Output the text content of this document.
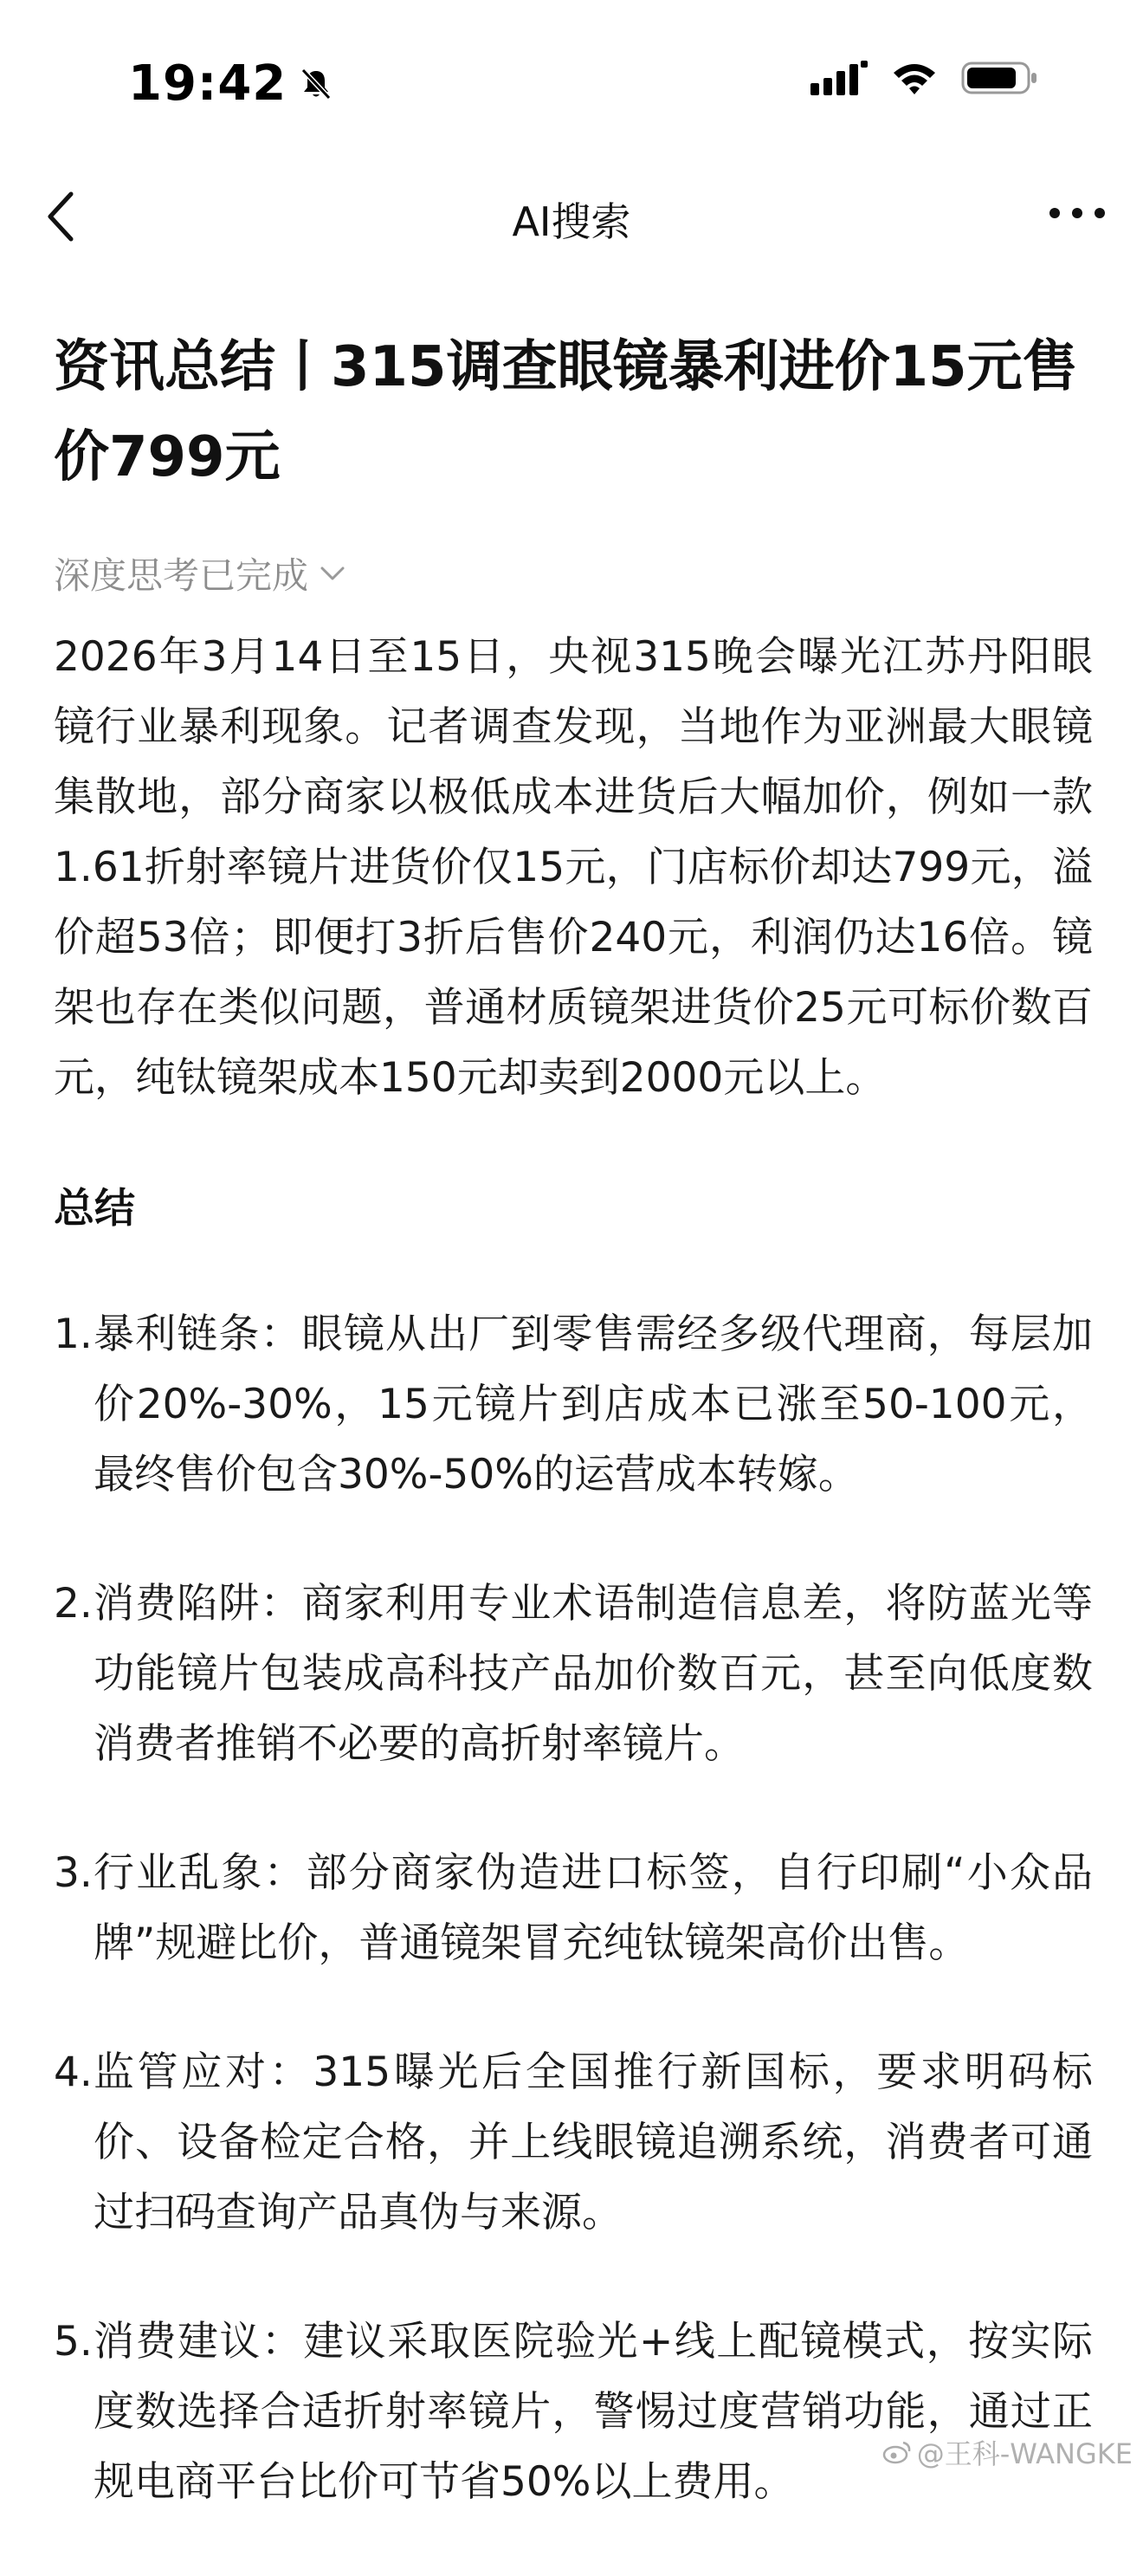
19:42
AI搜索
资讯总结丨315调查眼镜暴利进价15元售价799元
深度思考已完成
2026年3月14日至15日，央视315晚会曝光江苏丹阳眼镜行业暴利现象。记者调查发现，当地作为亚洲最大眼镜集散地，部分商家以极低成本进货后大幅加价，例如一款1.61折射率镜片进货价仅15元，门店标价却达799元，溢价超53倍；即便打3折后售价240元，利润仍达16倍。镜架也存在类似问题，普通材质镜架进货价25元可标价数百元，纯钛镜架成本150元却卖到2000元以上。
总结
1. 暴利链条：眼镜从出厂到零售需经多级代理商，每层加价20%-30%，15元镜片到店成本已涨至50-100元，最终售价包含30%-50%的运营成本转嫁。
2. 消费陷阱：商家利用专业术语制造信息差，将防蓝光等功能镜片包装成高科技产品加价数百元，甚至向低度数消费者推销不必要的高折射率镜片。
3. 行业乱象：部分商家伪造进口标签，自行印刷“小众品牌”规避比价，普通镜架冒充纯钛镜架高价出售。
4. 监管应对：315曝光后全国推行新国标，要求明码标价、设备检定合格，并上线眼镜追溯系统，消费者可通过扫码查询产品真伪与来源。
5. 消费建议：建议采取医院验光+线上配镜模式，按实际度数选择合适折射率镜片，警惕过度营销功能，通过正规电商平台比价可节省50%以上费用。
@王科-WANGKE
